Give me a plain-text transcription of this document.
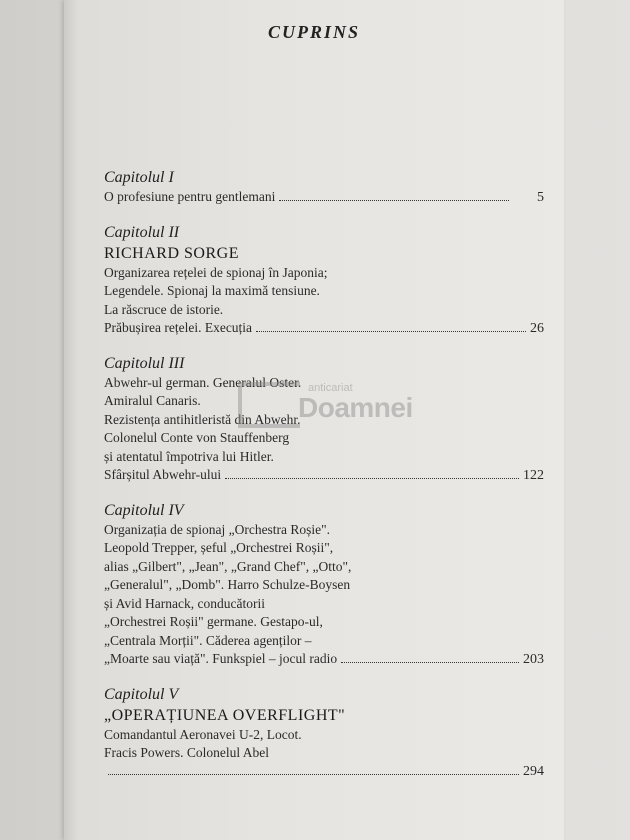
CUPRINS
Capitolul I
O profesiune pentru gentlemani	5
Capitolul II
RICHARD SORGE
Organizarea rețelei de spionaj în Japonia;
Legendele. Spionaj la maximă tensiune.
La răscruce de istorie.
Prăbușirea rețelei. Execuția	26
Capitolul III
Abwehr-ul german. Generalul Oster.
Amiralul Canaris.
Rezistența antihitleristă din Abwehr.
Colonelul Conte von Stauffenberg
și atentatul împotriva lui Hitler.
Sfârșitul Abwehr-ului	122
Capitolul IV
Organizația de spionaj „Orchestra Roșie".
Leopold Trepper, șeful „Orchestrei Roșii",
alias „Gilbert", „Jean", „Grand Chef", „Otto",
„Generalul", „Domb". Harro Schulze-Boysen
și Avid Harnack, conducătorii
„Orchestrei Roșii" germane. Gestapo-ul,
„Centrala Morții". Căderea agenților –
„Moarte sau viață". Funkspiel – jocul radio	203
Capitolul V
„OPERAȚIUNEA OVERFLIGHT"
Comandantul Aeronavei U-2, Locot.
Fracis Powers. Colonelul Abel
294
anticariat
Doamnei
